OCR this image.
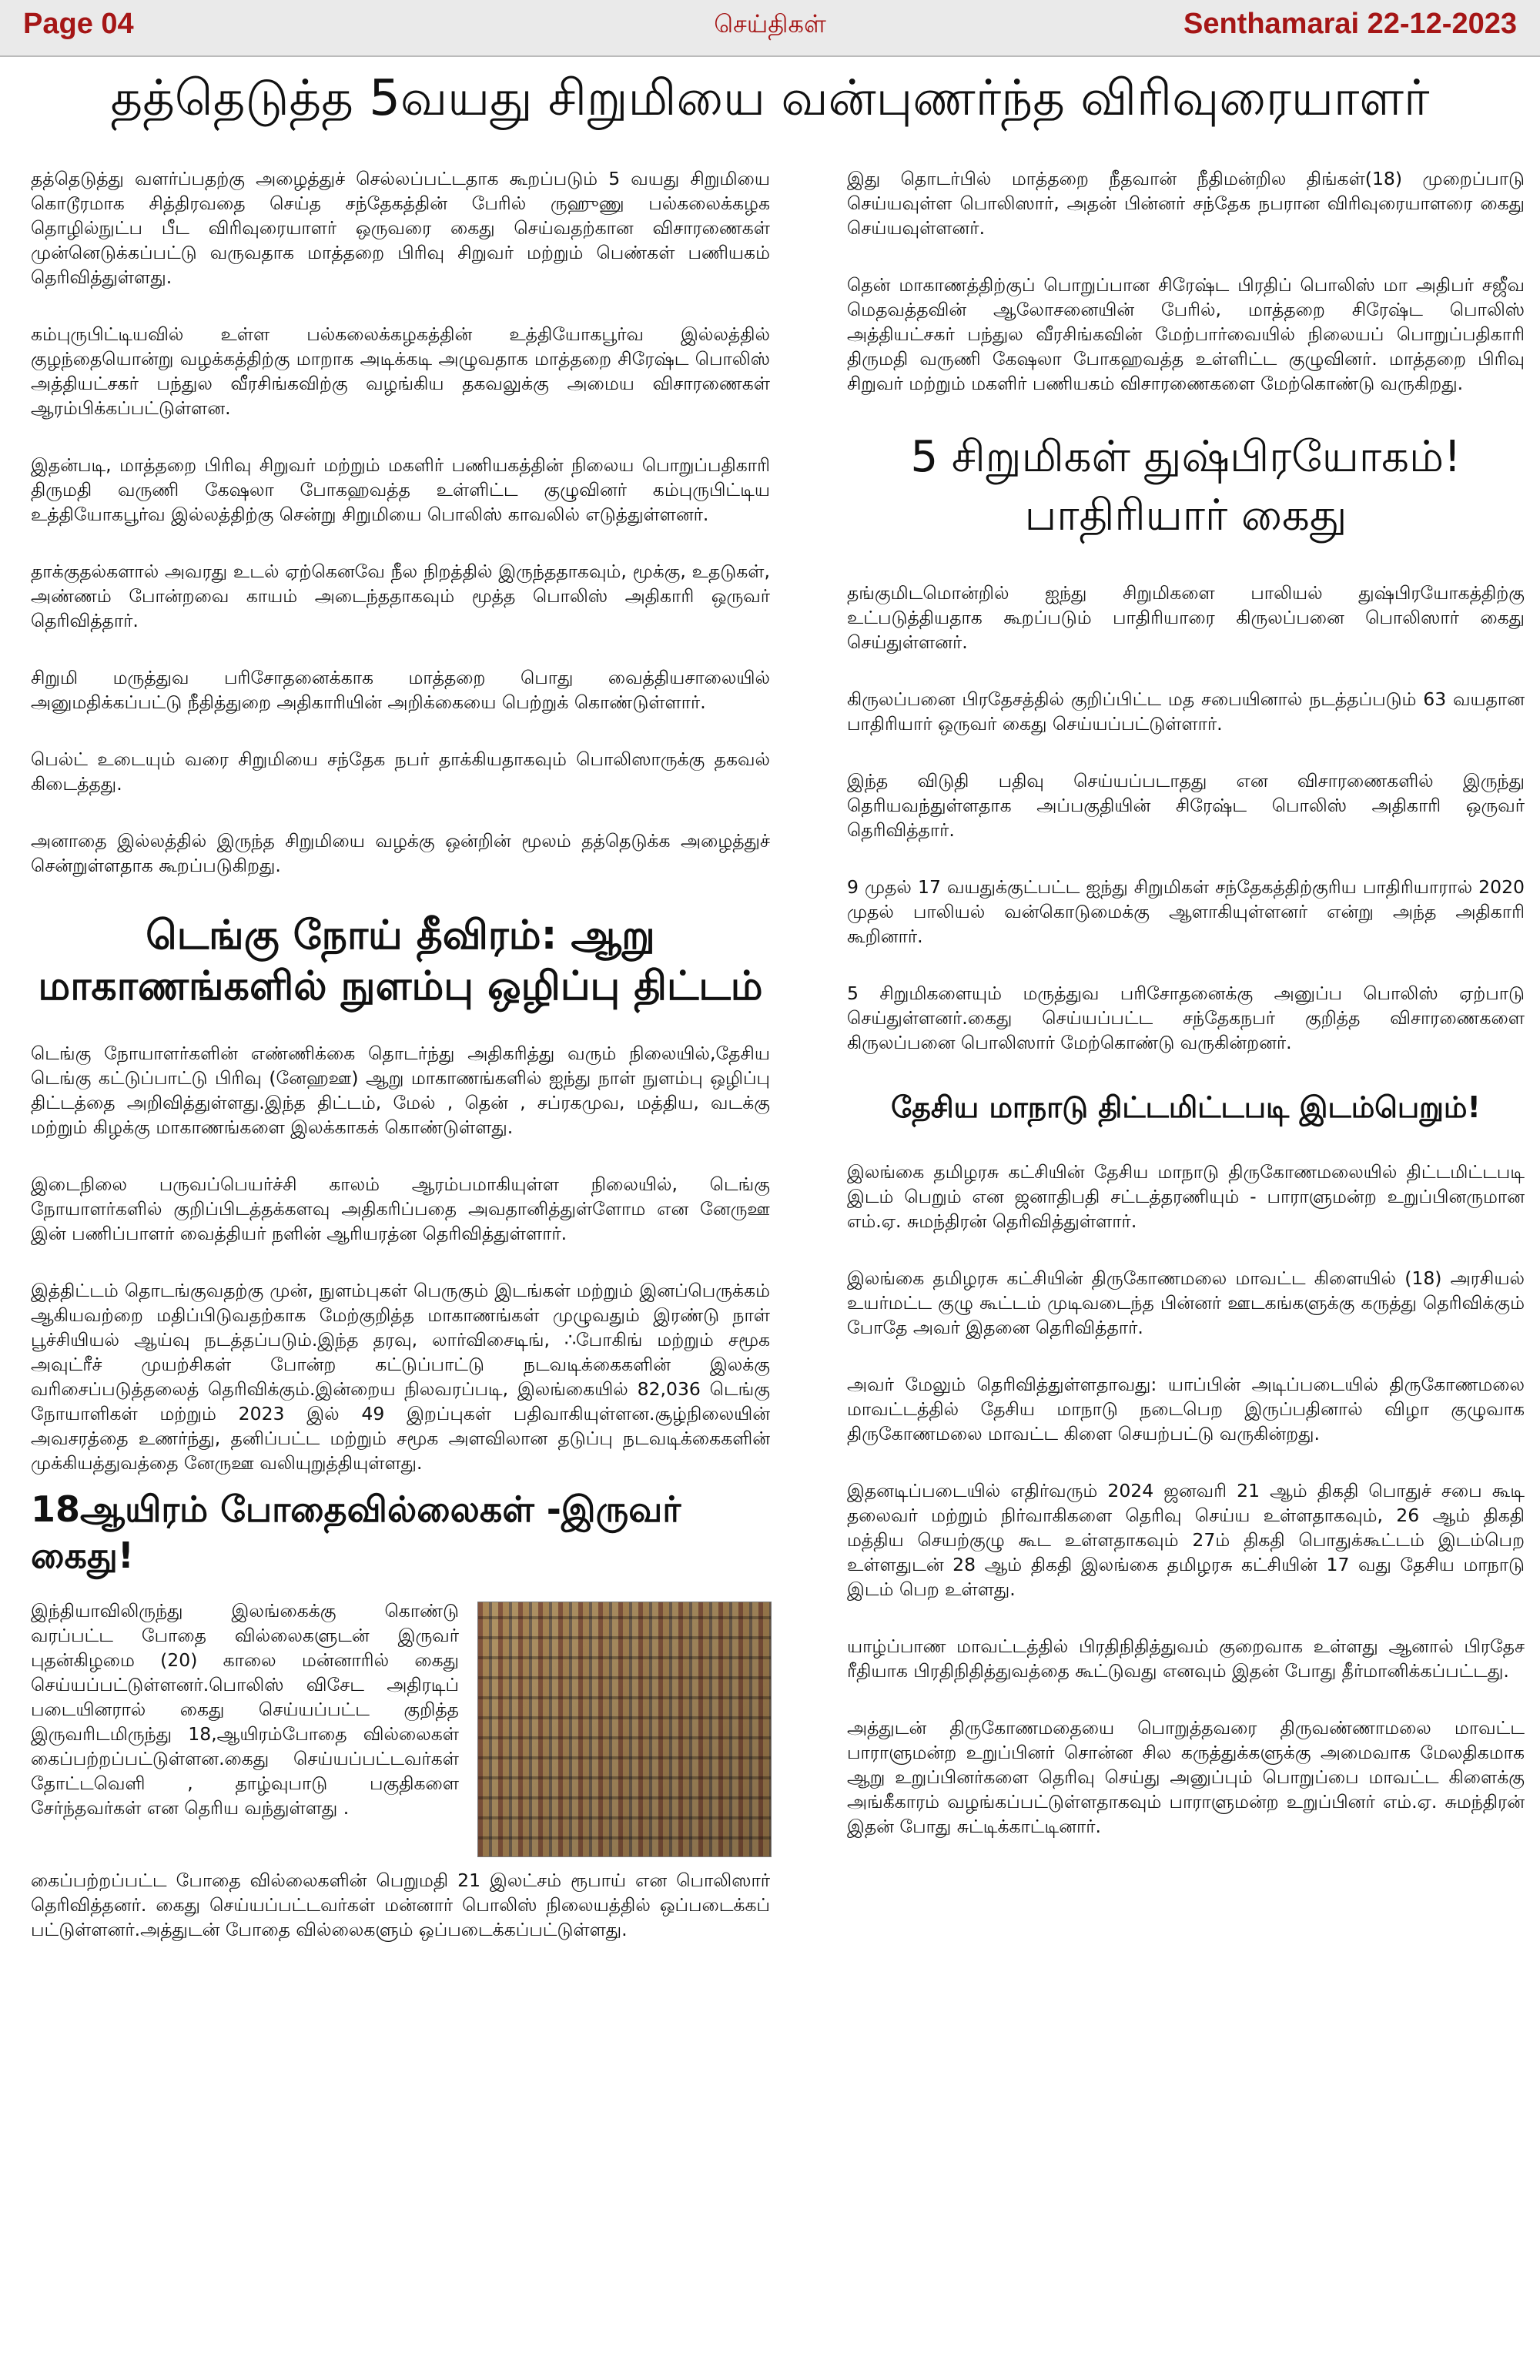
Page 04	செய்திகள்	Senthamarai 22-12-2023
தத்தெடுத்த 5வயது சிறுமியை வன்புணர்ந்த விரிவுரையாளர்

தத்தெடுத்து வளர்ப்பதற்கு அழைத்துச் செல்லப்பட்டதாக கூறப்படும் 5 வயது சிறுமியை கொடூரமாக சித்திரவதை செய்த சந்தேகத்தின் பேரில் ருஹுணு பல்கலைக்கழக தொழில்நுட்ப பீட விரிவுரையாளர் ஒருவரை கைது செய்வதற்கான விசாரணைகள் முன்னெடுக்கப்பட்டு வருவதாக மாத்தறை பிரிவு சிறுவர் மற்றும் பெண்கள் பணியகம் தெரிவித்துள்ளது.

கம்புருபிட்டியவில் உள்ள பல்கலைக்கழகத்தின் உத்தியோகபூர்வ இல்லத்தில் குழந்தையொன்று வழக்கத்திற்கு மாறாக அடிக்கடி அழுவதாக மாத்தறை சிரேஷ்ட பொலிஸ் அத்தியட்சகர் பந்துல வீரசிங்கவிற்கு வழங்கிய தகவலுக்கு அமைய விசாரணைகள் ஆரம்பிக்கப்பட்டுள்ளன.

இதன்படி, மாத்தறை பிரிவு சிறுவர் மற்றும் மகளிர் பணியகத்தின் நிலைய பொறுப்பதிகாரி திருமதி வருணி கேஷலா போகஹவத்த உள்ளிட்ட குழுவினர் கம்புருபிட்டிய உத்தியோகபூர்வ இல்லத்திற்கு சென்று சிறுமியை பொலிஸ் காவலில் எடுத்துள்ளனர்.

தாக்குதல்களால் அவரது உடல் ஏற்கெனவே நீல நிறத்தில் இருந்ததாகவும், மூக்கு, உதடுகள், அண்ணம் போன்றவை காயம் அடைந்ததாகவும் மூத்த பொலிஸ் அதிகாரி ஒருவர் தெரிவித்தார்.

சிறுமி மருத்துவ பரிசோதனைக்காக மாத்தறை பொது வைத்தியசாலையில் அனுமதிக்கப்பட்டு நீதித்துறை அதிகாரியின் அறிக்கையை பெற்றுக் கொண்டுள்ளார்.

பெல்ட் உடையும் வரை சிறுமியை சந்தேக நபர் தாக்கியதாகவும் பொலிஸாருக்கு தகவல் கிடைத்தது.

அனாதை இல்லத்தில் இருந்த சிறுமியை வழக்கு ஒன்றின் மூலம் தத்தெடுக்க அழைத்துச் சென்றுள்ளதாக கூறப்படுகிறது.

டெங்கு நோய் தீவிரம்: ஆறு மாகாணங்களில் நுளம்பு ஒழிப்பு திட்டம்

டெங்கு நோயாளர்களின் எண்ணிக்கை தொடர்ந்து அதிகரித்து வரும் நிலையில்,தேசிய டெங்கு கட்டுப்பாட்டு பிரிவு (னேஹஊ) ஆறு மாகாணங்களில் ஐந்து நாள் நுளம்பு ஒழிப்பு திட்டத்தை அறிவித்துள்ளது.இந்த திட்டம், மேல் , தென் , சப்ரகமுவ, மத்திய, வடக்கு மற்றும் கிழக்கு மாகாணங்களை இலக்காகக் கொண்டுள்ளது.

இடைநிலை பருவப்பெயர்ச்சி காலம் ஆரம்பமாகியுள்ள நிலையில், டெங்கு நோயாளர்களில் குறிப்பிடத்தக்களவு அதிகரிப்பதை அவதானித்துள்ளோம என னேருஊ இன் பணிப்பாளர் வைத்தியர் நளின் ஆரியரத்ன தெரிவித்துள்ளார்.

இத்திட்டம் தொடங்குவதற்கு முன், நுளம்புகள் பெருகும் இடங்கள் மற்றும் இனப்பெருக்கம் ஆகியவற்றை மதிப்பிடுவதற்காக மேற்குறித்த மாகாணங்கள் முழுவதும் இரண்டு நாள் பூச்சியியல் ஆய்வு நடத்தப்படும்.இந்த தரவு, லார்விசைடிங், ∴போகிங் மற்றும் சமூக அவுட்ரீச் முயற்சிகள் போன்ற கட்டுப்பாட்டு நடவடிக்கைகளின் இலக்கு வரிசைப்படுத்தலைத் தெரிவிக்கும்.இன்றைய நிலவரப்படி, இலங்கையில் 82,036 டெங்கு நோயாளிகள் மற்றும் 2023 இல் 49 இறப்புகள் பதிவாகியுள்ளன.சூழ்நிலையின் அவசரத்தை உணர்ந்து, தனிப்பட்ட மற்றும் சமூக அளவிலான தடுப்பு நடவடிக்கைகளின் முக்கியத்துவத்தை னேருஊ வலியுறுத்தியுள்ளது.

18ஆயிரம் போதைவில்லைகள் -இருவர் கைது!

இந்தியாவிலிருந்து இலங்கைக்கு கொண்டு வரப்பட்ட போதை வில்லைகளுடன் இருவர் புதன்கிழமை (20) காலை மன்னாரில் கைது செய்யப்பட்டுள்ளனர்.பொலிஸ் விசேட அதிரடிப் படையினரால் கைது செய்யப்பட்ட குறித்த இருவரிடமிருந்து 18,ஆயிரம்போதை வில்லைகள் கைப்பற்றப்பட்டுள்ளன.கைது செய்யப்பட்டவர்கள் தோட்டவெளி , தாழ்வுபாடு பகுதிகளை சேர்ந்தவர்கள் என தெரிய வந்துள்ளது .

கைப்பற்றப்பட்ட போதை வில்லைகளின் பெறுமதி 21 இலட்சம் ரூபாய் என பொலிஸார் தெரிவித்தனர். கைது செய்யப்பட்டவர்கள் மன்னார் பொலிஸ் நிலையத்தில் ஒப்படைக்கப் பட்டுள்ளனர்.அத்துடன் போதை வில்லைகளும் ஒப்படைக்கப்பட்டுள்ளது.

இது தொடர்பில் மாத்தறை நீதவான் நீதிமன்றில திங்கள்(18) முறைப்பாடு செய்யவுள்ள பொலிஸார், அதன் பின்னர் சந்தேக நபரான விரிவுரையாளரை கைது செய்யவுள்ளனர்.

தென் மாகாணத்திற்குப் பொறுப்பான சிரேஷ்ட பிரதிப் பொலிஸ் மா அதிபர் சஜீவ மெதவத்தவின் ஆலோசனையின் பேரில், மாத்தறை சிரேஷ்ட பொலிஸ் அத்தியட்சகர் பந்துல வீரசிங்கவின் மேற்பார்வையில் நிலையப் பொறுப்பதிகாரி திருமதி வருணி கேஷலா போகஹவத்த உள்ளிட்ட குழுவினர். மாத்தறை பிரிவு சிறுவர் மற்றும் மகளிர் பணியகம் விசாரணைகளை மேற்கொண்டு வருகிறது.

5 சிறுமிகள் துஷ்பிரயோகம்! பாதிரியார் கைது

தங்குமிடமொன்றில் ஐந்து சிறுமிகளை பாலியல் துஷ்பிரயோகத்திற்கு உட்படுத்தியதாக கூறப்படும் பாதிரியாரை கிருலப்பனை பொலிஸார் கைது செய்துள்ளனர்.

கிருலப்பனை பிரதேசத்தில் குறிப்பிட்ட மத சபையினால் நடத்தப்படும் 63 வயதான பாதிரியார் ஒருவர் கைது செய்யப்பட்டுள்ளார்.

இந்த விடுதி பதிவு செய்யப்படாதது என விசாரணைகளில் இருந்து தெரியவந்துள்ளதாக அப்பகுதியின் சிரேஷ்ட பொலிஸ் அதிகாரி ஒருவர் தெரிவித்தார்.

9 முதல் 17 வயதுக்குட்பட்ட ஐந்து சிறுமிகள் சந்தேகத்திற்குரிய பாதிரியாரால் 2020 முதல் பாலியல் வன்கொடுமைக்கு ஆளாகியுள்ளனர் என்று அந்த அதிகாரி கூறினார்.

5 சிறுமிகளையும் மருத்துவ பரிசோதனைக்கு அனுப்ப பொலிஸ் ஏற்பாடு செய்துள்ளனர்.கைது செய்யப்பட்ட சந்தேகநபர் குறித்த விசாரணைகளை கிருலப்பனை பொலிஸார் மேற்கொண்டு வருகின்றனர்.

தேசிய மாநாடு திட்டமிட்டபடி இடம்பெறும்!

இலங்கை தமிழரசு கட்சியின் தேசிய மாநாடு திருகோணமலையில் திட்டமிட்டபடி இடம் பெறும் என ஜனாதிபதி சட்டத்தரணியும் - பாராளுமன்ற உறுப்பினருமான எம்.ஏ. சுமந்திரன் தெரிவித்துள்ளார்.

இலங்கை தமிழரசு கட்சியின் திருகோணமலை மாவட்ட கிளையில் (18) அரசியல் உயர்மட்ட குழு கூட்டம் முடிவடைந்த பின்னர் ஊடகங்களுக்கு கருத்து தெரிவிக்கும் போதே அவர் இதனை தெரிவித்தார்.

அவர் மேலும் தெரிவித்துள்ளதாவது: யாப்பின் அடிப்படையில் திருகோணமலை மாவட்டத்தில் தேசிய மாநாடு நடைபெற இருப்பதினால் விழா குழுவாக திருகோணமலை மாவட்ட கிளை செயற்பட்டு வருகின்றது.

இதனடிப்படையில் எதிர்வரும் 2024 ஜனவரி 21 ஆம் திகதி பொதுச் சபை கூடி தலைவர் மற்றும் நிர்வாகிகளை தெரிவு செய்ய உள்ளதாகவும், 26 ஆம் திகதி மத்திய செயற்குழு கூட உள்ளதாகவும் 27ம் திகதி பொதுக்கூட்டம் இடம்பெற உள்ளதுடன் 28 ஆம் திகதி இலங்கை தமிழரசு கட்சியின் 17 வது தேசிய மாநாடு இடம் பெற உள்ளது.

யாழ்ப்பாண மாவட்டத்தில் பிரதிநிதித்துவம் குறைவாக உள்ளது ஆனால் பிரதேச ரீதியாக பிரதிநிதித்துவத்தை கூட்டுவது எனவும் இதன் போது தீர்மானிக்கப்பட்டது.

அத்துடன் திருகோணமதையை பொறுத்தவரை திருவண்ணாமலை மாவட்ட பாராளுமன்ற உறுப்பினர் சொன்ன சில கருத்துக்களுக்கு அமைவாக மேலதிகமாக ஆறு உறுப்பினர்களை தெரிவு செய்து அனுப்பும் பொறுப்பை மாவட்ட கிளைக்கு அங்கீகாரம் வழங்கப்பட்டுள்ளதாகவும் பாராளுமன்ற உறுப்பினர் எம்.ஏ. சுமந்திரன் இதன் போது சுட்டிக்காட்டினார்.
